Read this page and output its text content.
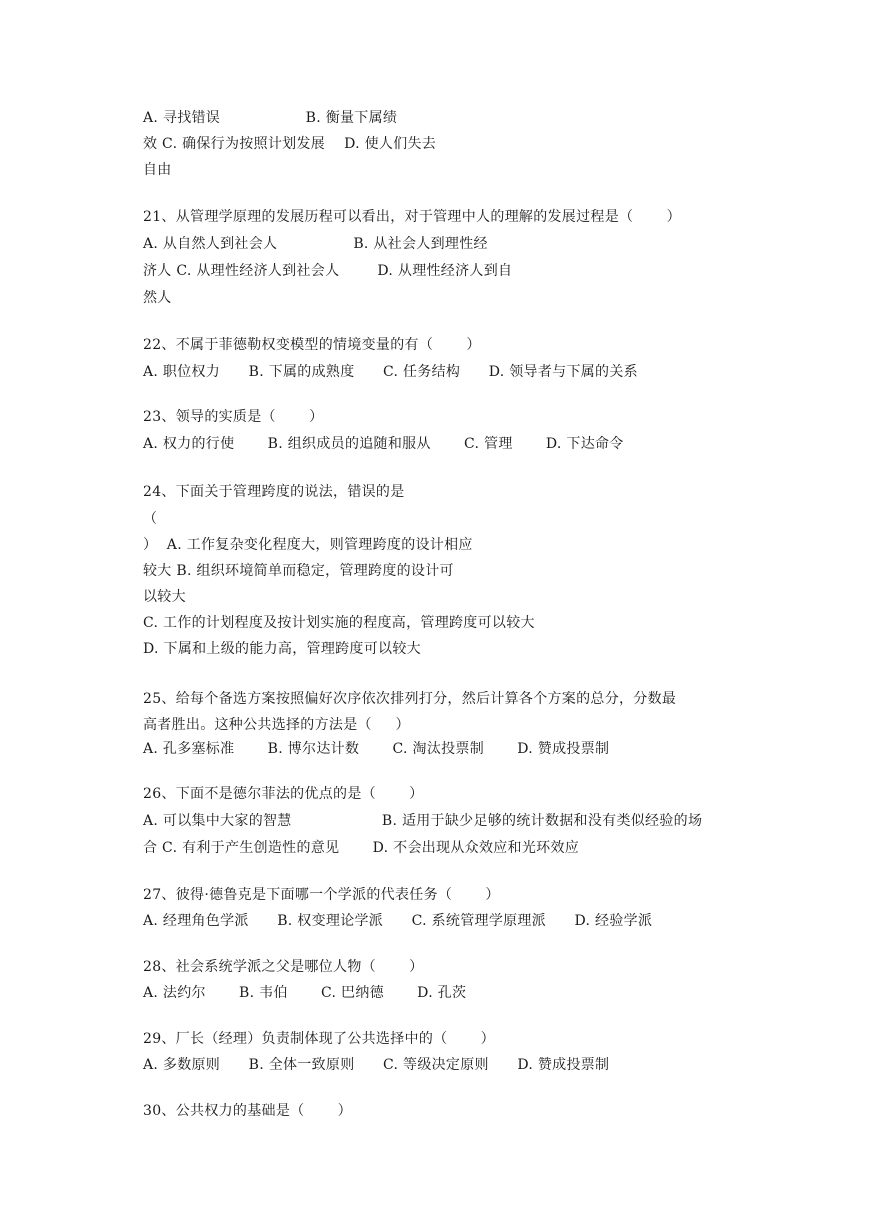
A. 寻找错误                  B. 衡量下属绩
效 C. 确保行为按照计划发展    D. 使人们失去
自由
21、从管理学原理的发展历程可以看出，对于管理中人的理解的发展过程是（       ）
A. 从自然人到社会人                B. 从社会人到理性经
济人 C. 从理性经济人到社会人        D. 从理性经济人到自
然人
22、不属于菲德勒权变模型的情境变量的有（       ）
A. 职位权力      B. 下属的成熟度      C. 任务结构      D. 领导者与下属的关系
23、领导的实质是（       ）
A. 权力的行使       B. 组织成员的追随和服从       C. 管理       D. 下达命令
24、下面关于管理跨度的说法，错误的是
（
）  A. 工作复杂变化程度大，则管理跨度的设计相应
较大 B. 组织环境简单而稳定，管理跨度的设计可
以较大
C. 工作的计划程度及按计划实施的程度高，管理跨度可以较大
D. 下属和上级的能力高，管理跨度可以较大
25、给每个备选方案按照偏好次序依次排列打分，然后计算各个方案的总分，分数最
高者胜出。这种公共选择的方法是（     ）
A. 孔多塞标准       B. 博尔达计数       C. 淘汰投票制       D. 赞成投票制
26、下面不是德尔菲法的优点的是（       ）
A. 可以集中大家的智慧                   B. 适用于缺少足够的统计数据和没有类似经验的场
合 C. 有利于产生创造性的意见       D. 不会出现从众效应和光环效应
27、彼得·德鲁克是下面哪一个学派的代表任务（       ）
A. 经理角色学派      B. 权变理论学派      C. 系统管理学原理派      D. 经验学派
28、社会系统学派之父是哪位人物（       ）
A. 法约尔       B. 韦伯       C. 巴纳德       D. 孔茨
29、厂长（经理）负责制体现了公共选择中的（       ）
A. 多数原则      B. 全体一致原则      C. 等级决定原则      D. 赞成投票制
30、公共权力的基础是（       ）
